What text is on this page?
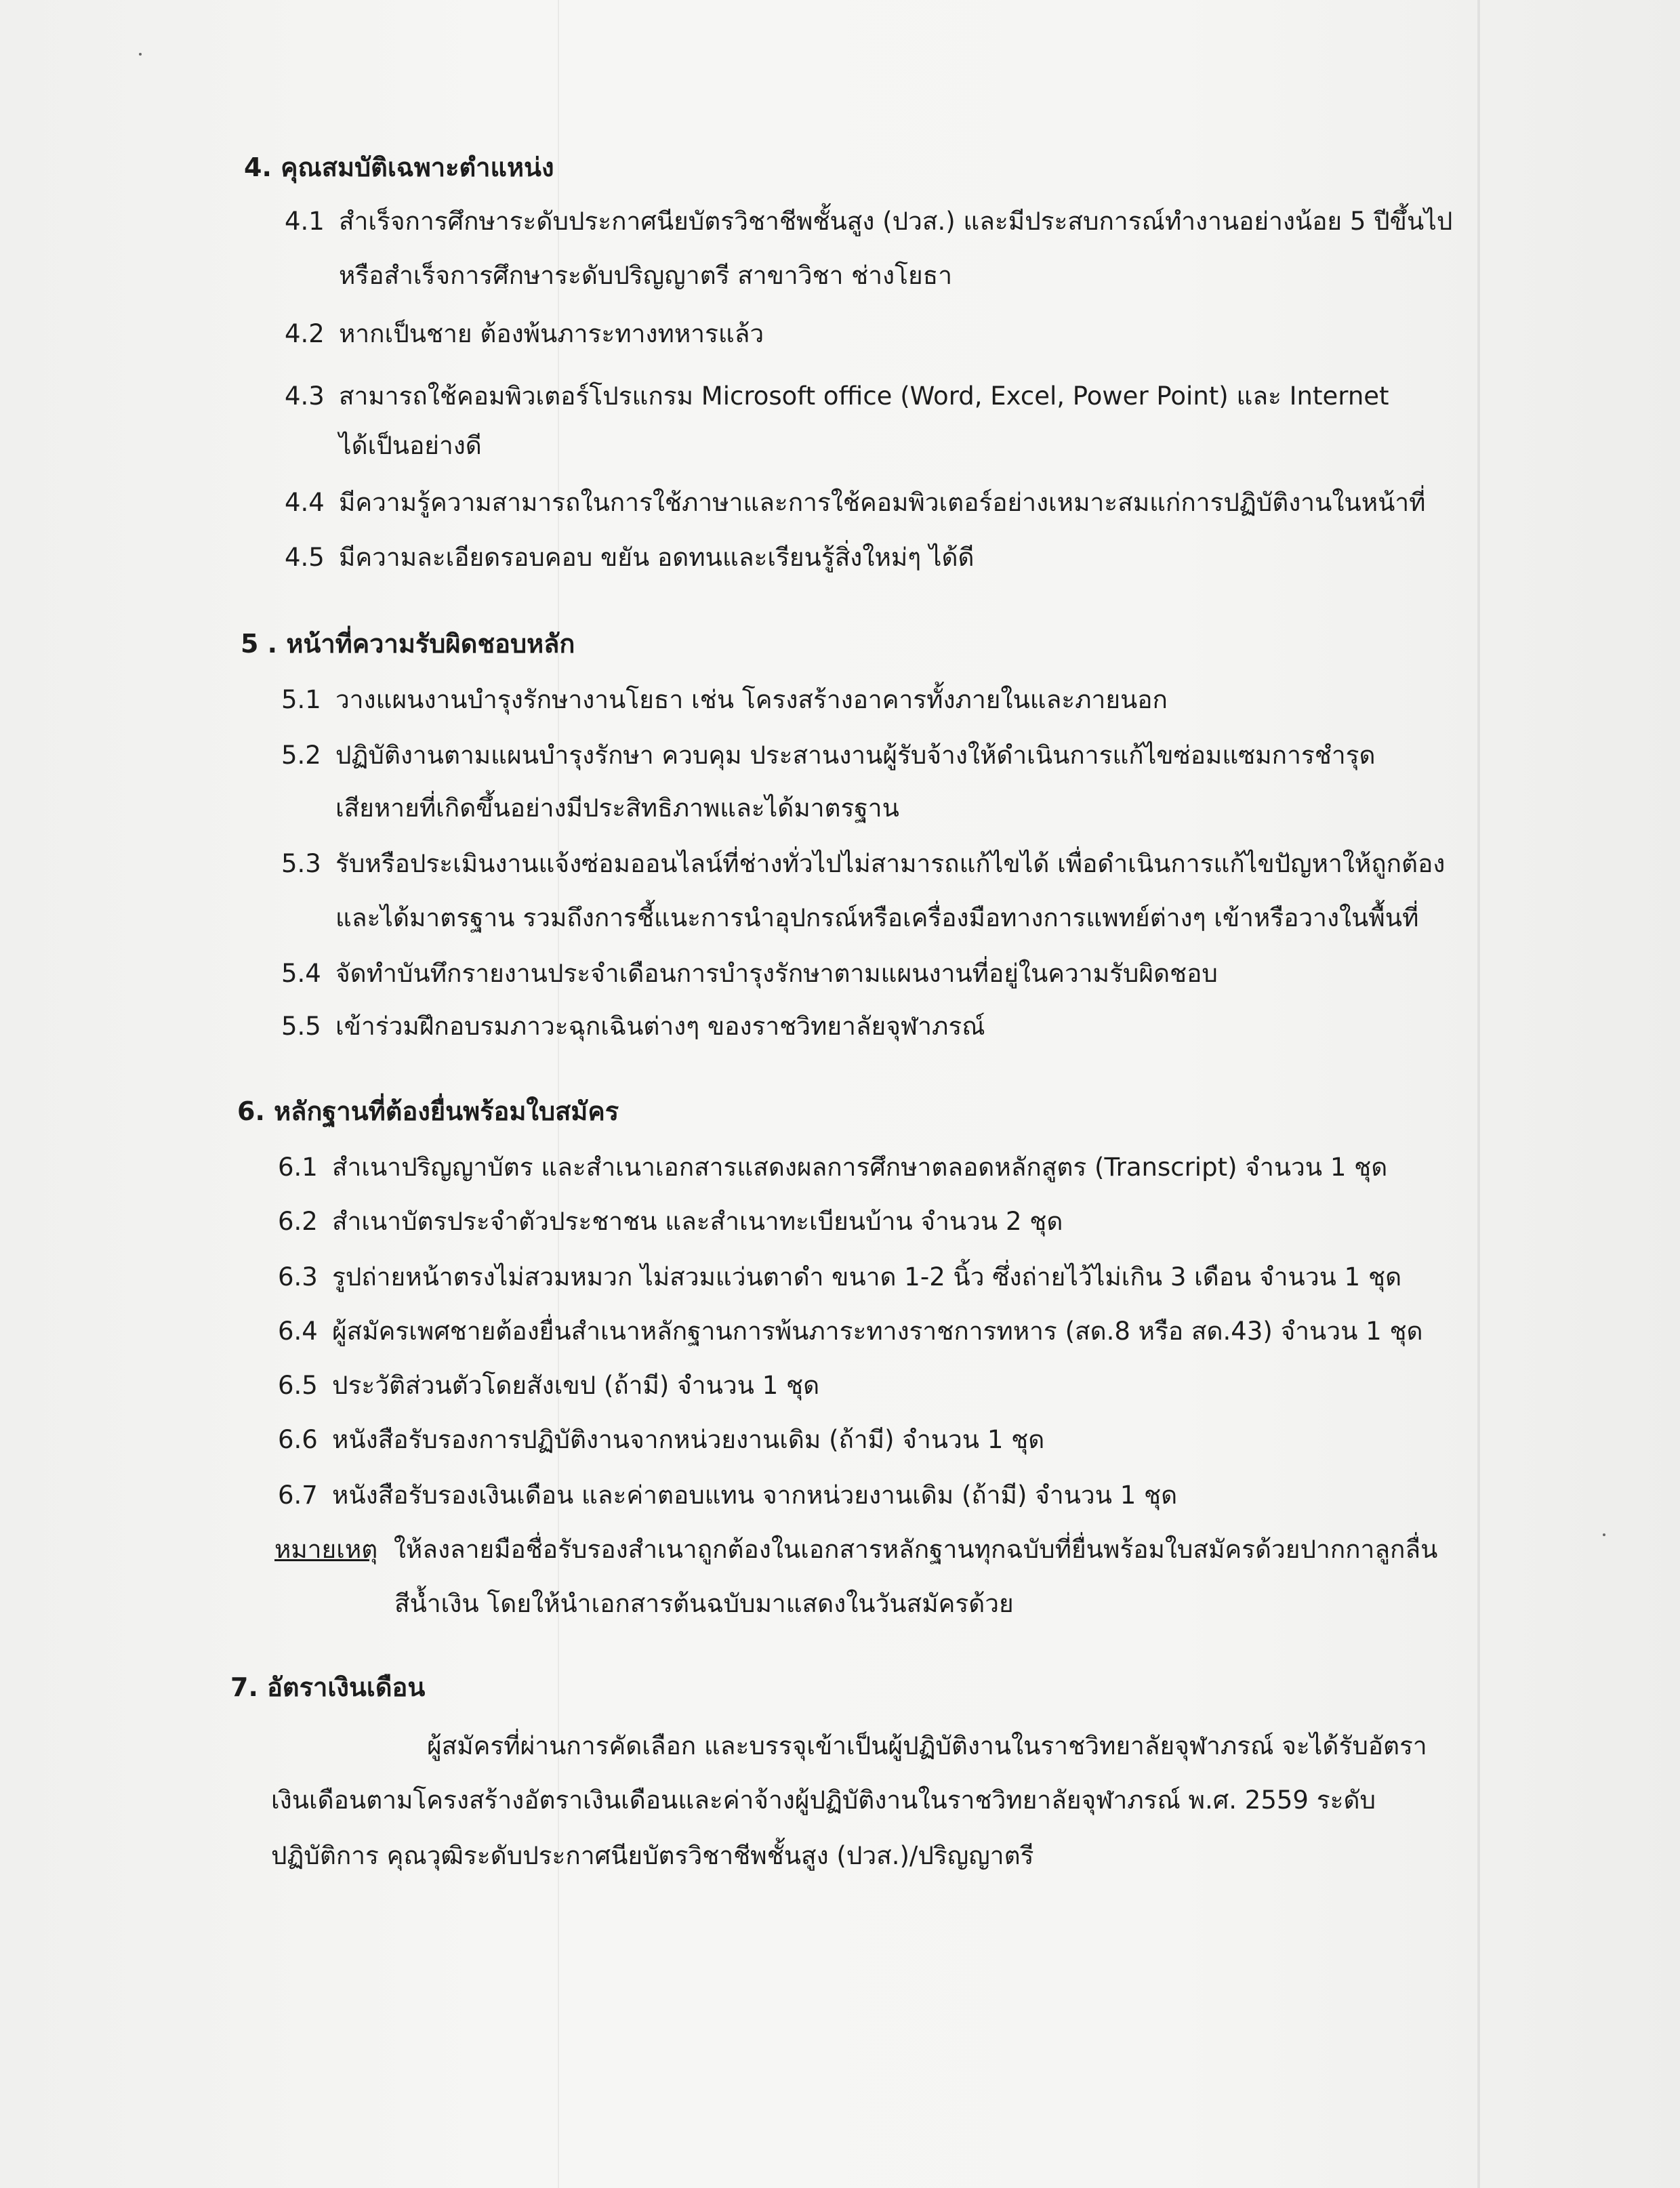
4. คุณสมบัติเฉพาะตำแหน่ง
4.1 สำเร็จการศึกษาระดับประกาศนียบัตรวิชาชีพชั้นสูง (ปวส.) และมีประสบการณ์ทำงานอย่างน้อย 5 ปีขึ้นไป
หรือสำเร็จการศึกษาระดับปริญญาตรี สาขาวิชา ช่างโยธา
4.2 หากเป็นชาย ต้องพ้นภาระทางทหารแล้ว
4.3 สามารถใช้คอมพิวเตอร์โปรแกรม Microsoft office (Word, Excel, Power Point) และ Internet
ได้เป็นอย่างดี
4.4 มีความรู้ความสามารถในการใช้ภาษาและการใช้คอมพิวเตอร์อย่างเหมาะสมแก่การปฏิบัติงานในหน้าที่
4.5 มีความละเอียดรอบคอบ ขยัน อดทนและเรียนรู้สิ่งใหม่ๆ ได้ดี
5 . หน้าที่ความรับผิดชอบหลัก
5.1 วางแผนงานบำรุงรักษางานโยธา เช่น โครงสร้างอาคารทั้งภายในและภายนอก
5.2 ปฏิบัติงานตามแผนบำรุงรักษา ควบคุม ประสานงานผู้รับจ้างให้ดำเนินการแก้ไขซ่อมแซมการชำรุด
เสียหายที่เกิดขึ้นอย่างมีประสิทธิภาพและได้มาตรฐาน
5.3 รับหรือประเมินงานแจ้งซ่อมออนไลน์ที่ช่างทั่วไปไม่สามารถแก้ไขได้ เพื่อดำเนินการแก้ไขปัญหาให้ถูกต้อง
และได้มาตรฐาน รวมถึงการชี้แนะการนำอุปกรณ์หรือเครื่องมือทางการแพทย์ต่างๆ เข้าหรือวางในพื้นที่
5.4 จัดทำบันทึกรายงานประจำเดือนการบำรุงรักษาตามแผนงานที่อยู่ในความรับผิดชอบ
5.5 เข้าร่วมฝึกอบรมภาวะฉุกเฉินต่างๆ ของราชวิทยาลัยจุฬาภรณ์
6. หลักฐานที่ต้องยื่นพร้อมใบสมัคร
6.1 สำเนาปริญญาบัตร และสำเนาเอกสารแสดงผลการศึกษาตลอดหลักสูตร (Transcript) จำนวน 1 ชุด
6.2 สำเนาบัตรประจำตัวประชาชน และสำเนาทะเบียนบ้าน จำนวน 2 ชุด
6.3 รูปถ่ายหน้าตรงไม่สวมหมวก ไม่สวมแว่นตาดำ ขนาด 1-2 นิ้ว ซึ่งถ่ายไว้ไม่เกิน 3 เดือน จำนวน 1 ชุด
6.4 ผู้สมัครเพศชายต้องยื่นสำเนาหลักฐานการพ้นภาระทางราชการทหาร (สด.8 หรือ สด.43) จำนวน 1 ชุด
6.5 ประวัติส่วนตัวโดยสังเขป (ถ้ามี) จำนวน 1 ชุด
6.6 หนังสือรับรองการปฏิบัติงานจากหน่วยงานเดิม (ถ้ามี) จำนวน 1 ชุด
6.7 หนังสือรับรองเงินเดือน และค่าตอบแทน จากหน่วยงานเดิม (ถ้ามี) จำนวน 1 ชุด
หมายเหตุ ให้ลงลายมือชื่อรับรองสำเนาถูกต้องในเอกสารหลักฐานทุกฉบับที่ยื่นพร้อมใบสมัครด้วยปากกาลูกลื่น
สีน้ำเงิน โดยให้นำเอกสารต้นฉบับมาแสดงในวันสมัครด้วย
7. อัตราเงินเดือน
ผู้สมัครที่ผ่านการคัดเลือก และบรรจุเข้าเป็นผู้ปฏิบัติงานในราชวิทยาลัยจุฬาภรณ์ จะได้รับอัตรา
เงินเดือนตามโครงสร้างอัตราเงินเดือนและค่าจ้างผู้ปฏิบัติงานในราชวิทยาลัยจุฬาภรณ์ พ.ศ. 2559 ระดับ
ปฏิบัติการ คุณวุฒิระดับประกาศนียบัตรวิชาชีพชั้นสูง (ปวส.)/ปริญญาตรี
